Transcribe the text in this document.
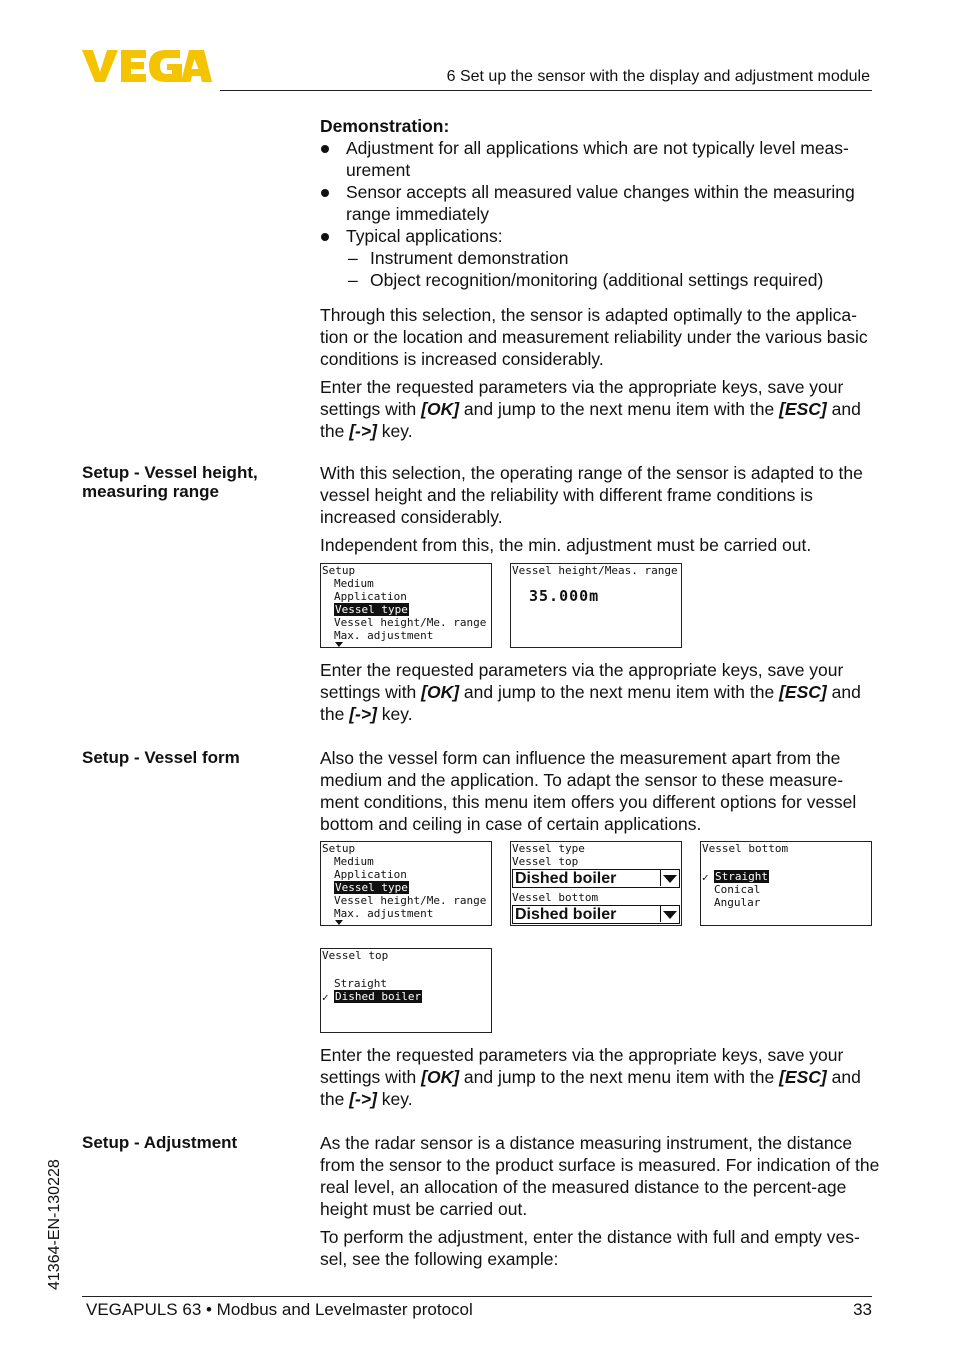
6 Set up the sensor with the display and adjustment module

Demonstration:

Adjustment for all applications which are not typically level meas-urement
Sensor accepts all measured value changes within the measuring range immediately
Typical applications:
– Instrument demonstration
– Object recognition/monitoring (additional settings required)

Through this selection, the sensor is adapted optimally to the applica-tion or the location and measurement reliability under the various basic conditions is increased considerably.

Enter the requested parameters via the appropriate keys, save your settings with [OK] and jump to the next menu item with the [ESC] and the [->] key.

Setup - Vessel height, measuring range

With this selection, the operating range of the sensor is adapted to the vessel height and the reliability with different frame conditions is increased considerably.

Independent from this, the min. adjustment must be carried out.

Setup
Medium
Application
Vessel type
Vessel height/Me. range
Max. adjustment
Vessel height/Meas. range
35.000m

Enter the requested parameters via the appropriate keys, save your settings with [OK] and jump to the next menu item with the [ESC] and the [->] key.

Setup - Vessel form	Also the vessel form can influence the measurement apart from the medium and the application. To adapt the sensor to these measure-ment conditions, this menu item offers you different options for vessel bottom and ceiling in case of certain applications.

Setup
Medium
Application
Vessel type
Vessel height/Me. range
Max. adjustment
Vessel type
Vessel top
Dished boiler
Vessel bottom
Dished boiler
Vessel bottom
✓ Straight
Conical
Angular
Vessel top
Straight
✓ Dished boiler

Enter the requested parameters via the appropriate keys, save your settings with [OK] and jump to the next menu item with the [ESC] and the [->] key.

Setup - Adjustment	As the radar sensor is a distance measuring instrument, the distance from the sensor to the product surface is measured. For indication of the real level, an allocation of the measured distance to the percent-age height must be carried out.

To perform the adjustment, enter the distance with full and empty ves-sel, see the following example:

41364-EN-130228
VEGAPULS 63 • Modbus and Levelmaster protocol	33
